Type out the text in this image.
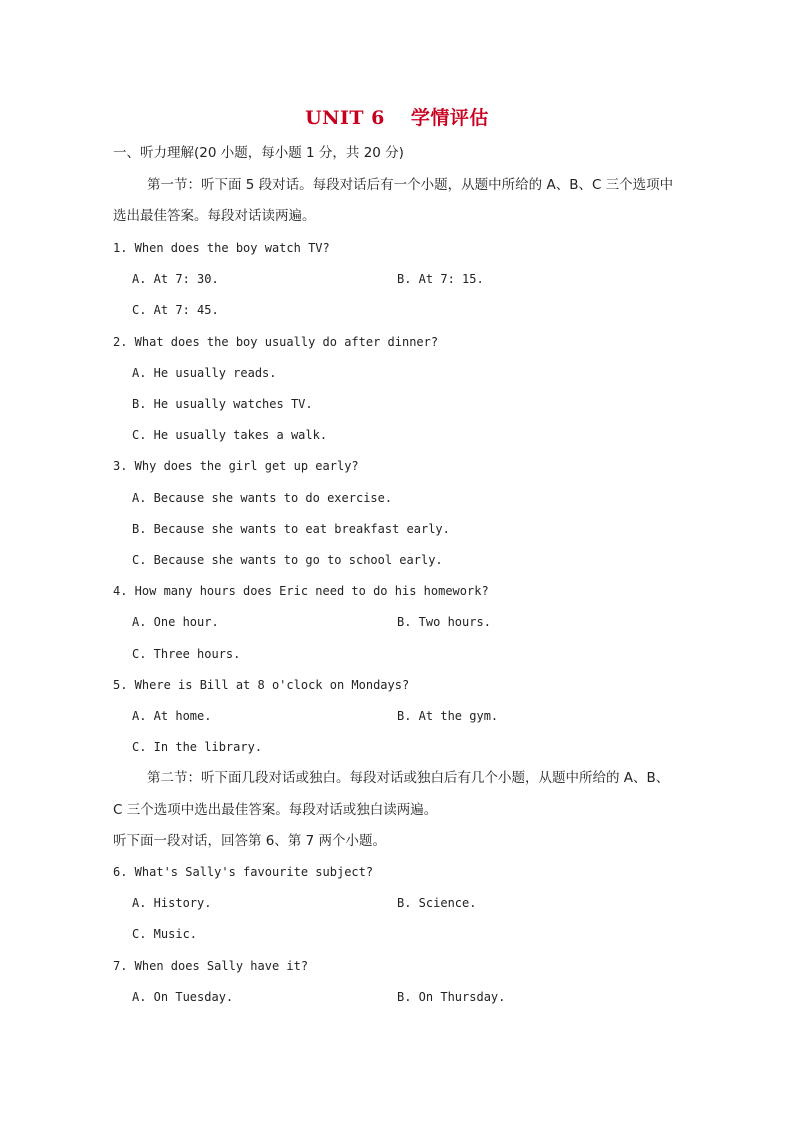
UNIT 6 学情评估
一、听力理解(20 小题，每小题 1 分，共 20 分)
第一节：听下面 5 段对话。每段对话后有一个小题，从题中所给的 A、B、C 三个选项中
选出最佳答案。每段对话读两遍。
1. When does the boy watch TV?
A. At 7: 30.	B. At 7: 15.
C. At 7: 45.
2. What does the boy usually do after dinner?
A. He usually reads.
B. He usually watches TV.
C. He usually takes a walk.
3. Why does the girl get up early?
A. Because she wants to do exercise.
B. Because she wants to eat breakfast early.
C. Because she wants to go to school early.
4. How many hours does Eric need to do his homework?
A. One hour.	B. Two hours.
C. Three hours.
5. Where is Bill at 8 o'clock on Mondays?
A. At home.	B. At the gym.
C. In the library.
第二节：听下面几段对话或独白。每段对话或独白后有几个小题，从题中所给的 A、B、
C 三个选项中选出最佳答案。每段对话或独白读两遍。
听下面一段对话，回答第 6、第 7 两个小题。
6. What's Sally's favourite subject?
A. History.	B. Science.
C. Music.
7. When does Sally have it?
A. On Tuesday.	B. On Thursday.
